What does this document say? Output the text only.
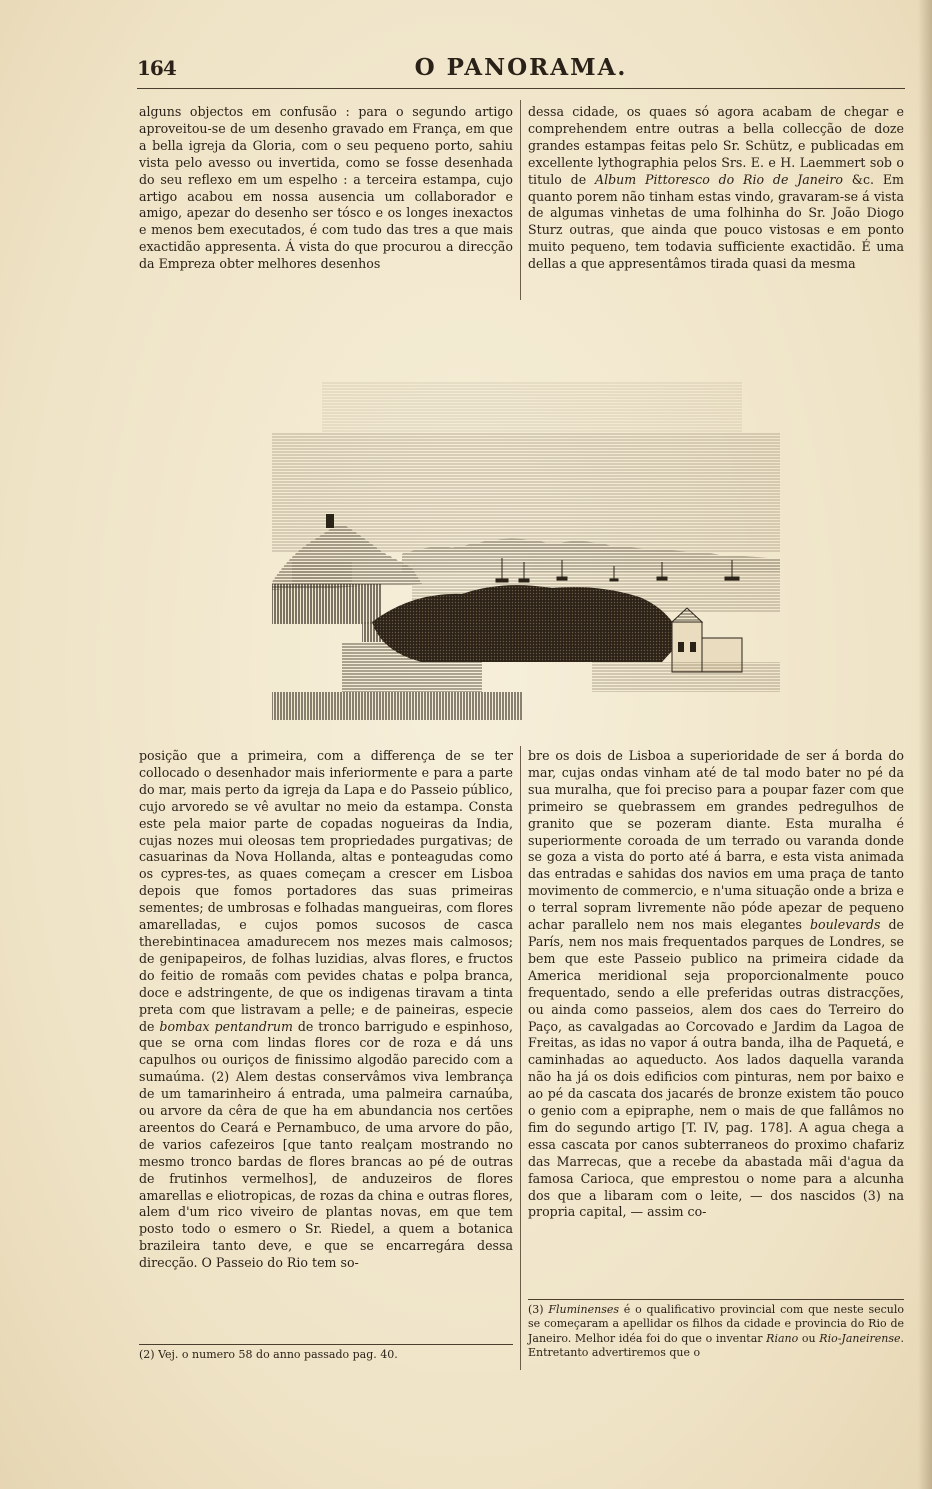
164	O PANORAMA.

alguns objectos em confusão : para o segundo artigo aproveitou-se de um desenho gravado em França, em que a bella igreja da Gloria, com o seu pequeno porto, sahiu vista pelo avesso ou invertida, como se fosse desenhada do seu reflexo em um espelho : a terceira estampa, cujo artigo acabou em nossa ausencia um collaborador e amigo, apezar do desenho ser tósco e os longes inexactos e menos bem executados, é com tudo das tres a que mais exactidão appresenta. Á vista do que procurou a direcção da Empreza obter melhores desenhos

dessa cidade, os quaes só agora acabam de chegar e comprehendem entre outras a bella collecção de doze grandes estampas feitas pelo Sr. Schütz, e publicadas em excellente lythographia pelos Srs. E. e H. Laemmert sob o titulo de Album Pittoresco do Rio de Janeiro &c. Em quanto porem não tinham estas vindo, gravaram-se á vista de algumas vinhetas de uma folhinha do Sr. João Diogo Sturz outras, que ainda que pouco vistosas e em ponto muito pequeno, tem todavia sufficiente exactidão. É uma dellas a que appresentâmos tirada quasi da mesma

posição que a primeira, com a differença de se ter collocado o desenhador mais inferiormente e para a parte do mar, mais perto da igreja da Lapa e do Passeio público, cujo arvoredo se vê avultar no meio da estampa. Consta este pela maior parte de copadas nogueiras da India, cujas nozes mui oleosas tem propriedades purgativas; de casuarinas da Nova Hollanda, altas e ponteagudas como os cypres-tes, as quaes começam a crescer em Lisboa depois que fomos portadores das suas primeiras sementes; de umbrosas e folhadas mangueiras, com flores amarelladas, e cujos pomos sucosos de casca therebintinacea amadurecem nos mezes mais calmosos; de genipapeiros, de folhas luzidias, alvas flores, e fructos do feitio de romaãs com pevides chatas e polpa branca, doce e adstringente, de que os indigenas tiravam a tinta preta com que listravam a pelle; e de paineiras, especie de bombax pentandrum de tronco barrigudo e espinhoso, que se orna com lindas flores cor de roza e dá uns capulhos ou ouriços de finissimo algodão parecido com a sumaúma. (2) Alem destas conservâmos viva lembrança de um tamarinheiro á entrada, uma palmeira carnaúba, ou arvore da cêra de que ha em abundancia nos certões areentos do Ceará e Pernambuco, de uma arvore do pão, de varios cafezeiros [que tanto realçam mostrando no mesmo tronco bardas de flores brancas ao pé de outras de frutinhos vermelhos], de anduzeiros de flores amarellas e eliotropicas, de rozas da china e outras flores, alem d'um rico viveiro de plantas novas, em que tem posto todo o esmero o Sr. Riedel, a quem a botanica brazileira tanto deve, e que se encarregára dessa direcção. O Passeio do Rio tem so-

bre os dois de Lisboa a superioridade de ser á borda do mar, cujas ondas vinham até de tal modo bater no pé da sua muralha, que foi preciso para a poupar fazer com que primeiro se quebrassem em grandes pedregulhos de granito que se pozeram diante. Esta muralha é superiormente coroada de um terrado ou varanda donde se goza a vista do porto até á barra, e esta vista animada das entradas e sahidas dos navios em uma praça de tanto movimento de commercio, e n'uma situação onde a briza e o terral sopram livremente não póde apezar de pequeno achar parallelo nem nos mais elegantes boulevards de París, nem nos mais frequentados parques de Londres, se bem que este Passeio publico na primeira cidade da America meridional seja proporcionalmente pouco frequentado, sendo a elle preferidas outras distracções, ou ainda como passeios, alem dos caes do Terreiro do Paço, as cavalgadas ao Corcovado e Jardim da Lagoa de Freitas, as idas no vapor á outra banda, ilha de Paquetá, e caminhadas ao aqueducto. Aos lados daquella varanda não ha já os dois edificios com pinturas, nem por baixo e ao pé da cascata dos jacarés de bronze existem tão pouco o genio com a epipraphe, nem o mais de que fallâmos no fim do segundo artigo [T. IV, pag. 178]. A agua chega a essa cascata por canos subterraneos do proximo chafariz das Marrecas, que a recebe da abastada mãi d'agua da famosa Carioca, que emprestou o nome para a alcunha dos que a libaram com o leite, — dos nascidos (3) na propria capital, — assim co-

(2) Vej. o numero 58 do anno passado pag. 40.
(3) Fluminenses é o qualificativo provincial com que neste seculo se começaram a apellidar os filhos da cidade e provincia do Rio de Janeiro. Melhor idéa foi do que o inventar Riano ou Rio-Janeirense. Entretanto advertiremos que o
